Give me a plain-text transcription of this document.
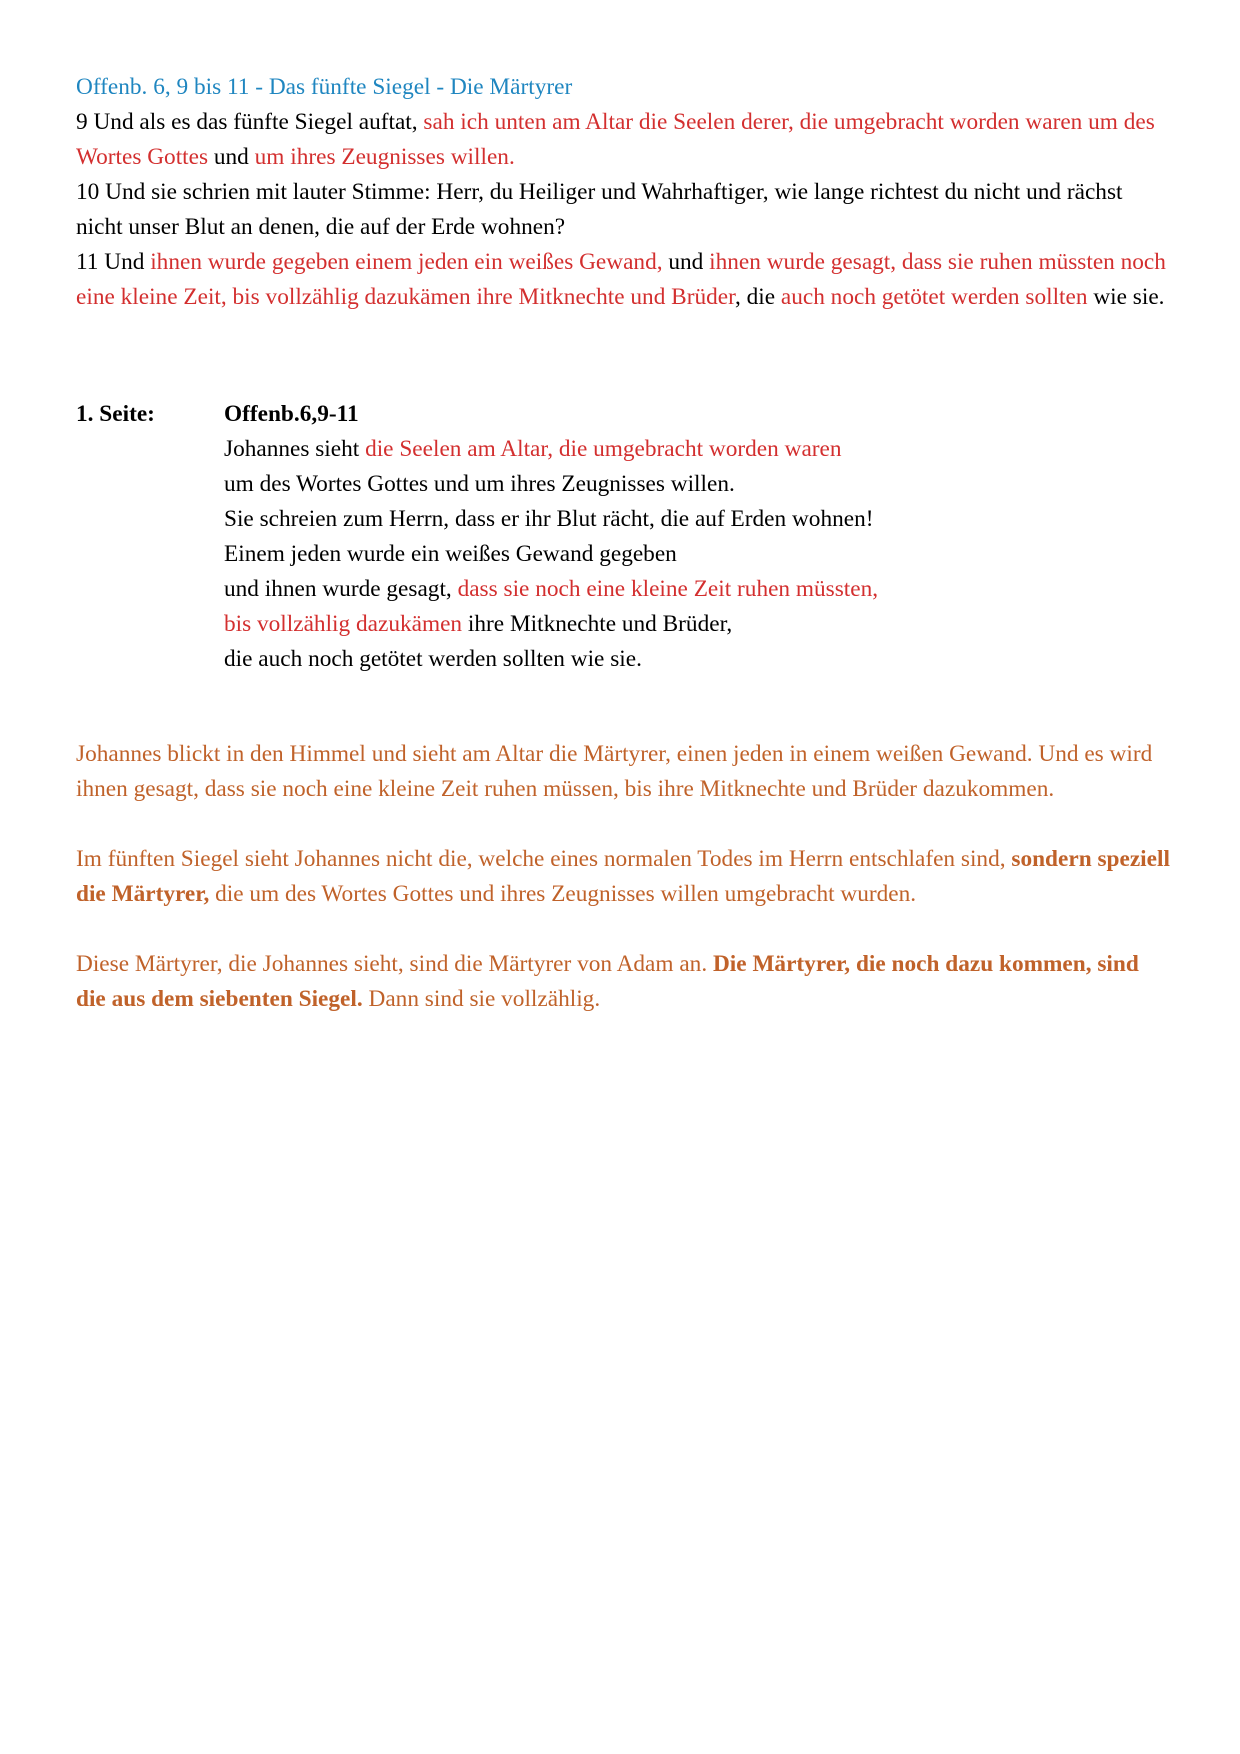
Offenb. 6, 9 bis 11 - Das fünfte Siegel - Die Märtyrer

9 Und als es das fünfte Siegel auftat, sah ich unten am Altar die Seelen derer, die umgebracht worden waren um des Wortes Gottes und um ihres Zeugnisses willen.

10 Und sie schrien mit lauter Stimme: Herr, du Heiliger und Wahrhaftiger, wie lange richtest du nicht und rächst nicht unser Blut an denen, die auf der Erde wohnen?

11 Und ihnen wurde gegeben einem jeden ein weißes Gewand, und ihnen wurde gesagt, dass sie ruhen müssten noch eine kleine Zeit, bis vollzählig dazukämen ihre Mitknechte und Brüder, die auch noch getötet werden sollten wie sie.

1. Seite:	Offenb.6,9-11
Johannes sieht die Seelen am Altar, die umgebracht worden waren
um des Wortes Gottes und um ihres Zeugnisses willen.
Sie schreien zum Herrn, dass er ihr Blut rächt, die auf Erden wohnen!
Einem jeden wurde ein weißes Gewand gegeben
und ihnen wurde gesagt, dass sie noch eine kleine Zeit ruhen müssten,
bis vollzählig dazukämen ihre Mitknechte und Brüder,
die auch noch getötet werden sollten wie sie.

Johannes blickt in den Himmel und sieht am Altar die Märtyrer, einen jeden in einem weißen Gewand. Und es wird ihnen gesagt, dass sie noch eine kleine Zeit ruhen müssen, bis ihre Mitknechte und Brüder dazukommen.

Im fünften Siegel sieht Johannes nicht die, welche eines normalen Todes im Herrn entschlafen sind, sondern speziell die Märtyrer, die um des Wortes Gottes und ihres Zeugnisses willen umgebracht wurden.

Diese Märtyrer, die Johannes sieht, sind die Märtyrer von Adam an. Die Märtyrer, die noch dazu kommen, sind die aus dem siebenten Siegel. Dann sind sie vollzählig.
